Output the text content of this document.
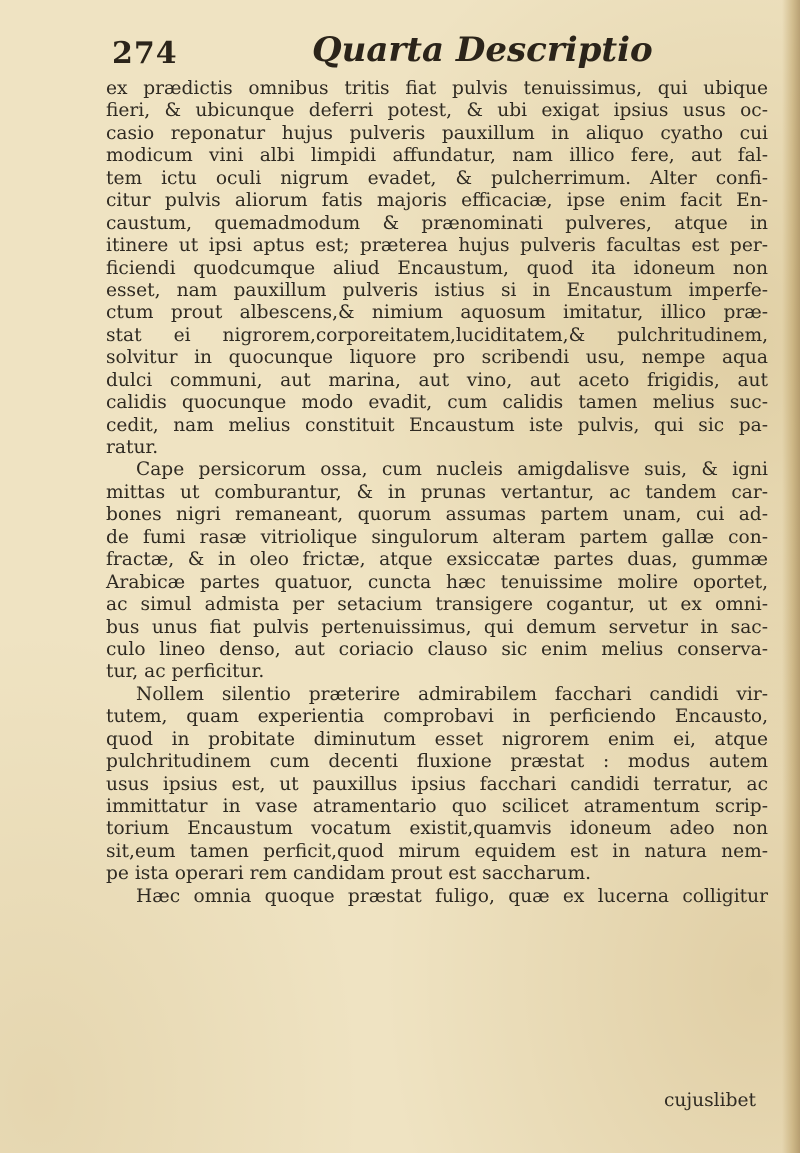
274	Quarta Descriptio
ex prædictis omnibus tritis fiat pulvis tenuissimus, qui ubique
fieri, & ubicunque deferri potest, & ubi exigat ipsius usus oc-
casio reponatur hujus pulveris pauxillum in aliquo cyatho cui
modicum vini albi limpidi affundatur, nam illico fere, aut fal-
tem ictu oculi nigrum evadet, & pulcherrimum. Alter confi-
citur pulvis aliorum fatis majoris efficaciæ, ipse enim facit En-
caustum, quemadmodum & prænominati pulveres, atque in
itinere ut ipsi aptus est; præterea hujus pulveris facultas est per-
ficiendi quodcumque aliud Encaustum, quod ita idoneum non
esset, nam pauxillum pulveris istius si in Encaustum imperfe-
ctum prout albescens,& nimium aquosum imitatur, illico præ-
stat ei nigrorem,corporeitatem,luciditatem,& pulchritudinem,
solvitur in quocunque liquore pro scribendi usu, nempe aqua
dulci communi, aut marina, aut vino, aut aceto frigidis, aut
calidis quocunque modo evadit, cum calidis tamen melius suc-
cedit, nam melius constituit Encaustum iste pulvis, qui sic pa-
ratur.
Cape persicorum ossa, cum nucleis amigdalisve suis, & igni
mittas ut comburantur, & in prunas vertantur, ac tandem car-
bones nigri remaneant, quorum assumas partem unam, cui ad-
de fumi rasæ vitriolique singulorum alteram partem gallæ con-
fractæ, & in oleo frictæ, atque exsiccatæ partes duas, gummæ
Arabicæ partes quatuor, cuncta hæc tenuissime molire oportet,
ac simul admista per setacium transigere cogantur, ut ex omni-
bus unus fiat pulvis pertenuissimus, qui demum servetur in sac-
culo lineo denso, aut coriacio clauso sic enim melius conserva-
tur, ac perficitur.
Nollem silentio præterire admirabilem facchari candidi vir-
tutem, quam experientia comprobavi in perficiendo Encausto,
quod in probitate diminutum esset nigrorem enim ei, atque
pulchritudinem cum decenti fluxione præstat : modus autem
usus ipsius est, ut pauxillus ipsius facchari candidi terratur, ac
immittatur in vase atramentario quo scilicet atramentum scrip-
torium Encaustum vocatum existit,quamvis idoneum adeo non
sit,eum tamen perficit,quod mirum equidem est in natura nem-
pe ista operari rem candidam prout est saccharum.
Hæc omnia quoque præstat fuligo, quæ ex lucerna colligitur
cujuslibet
